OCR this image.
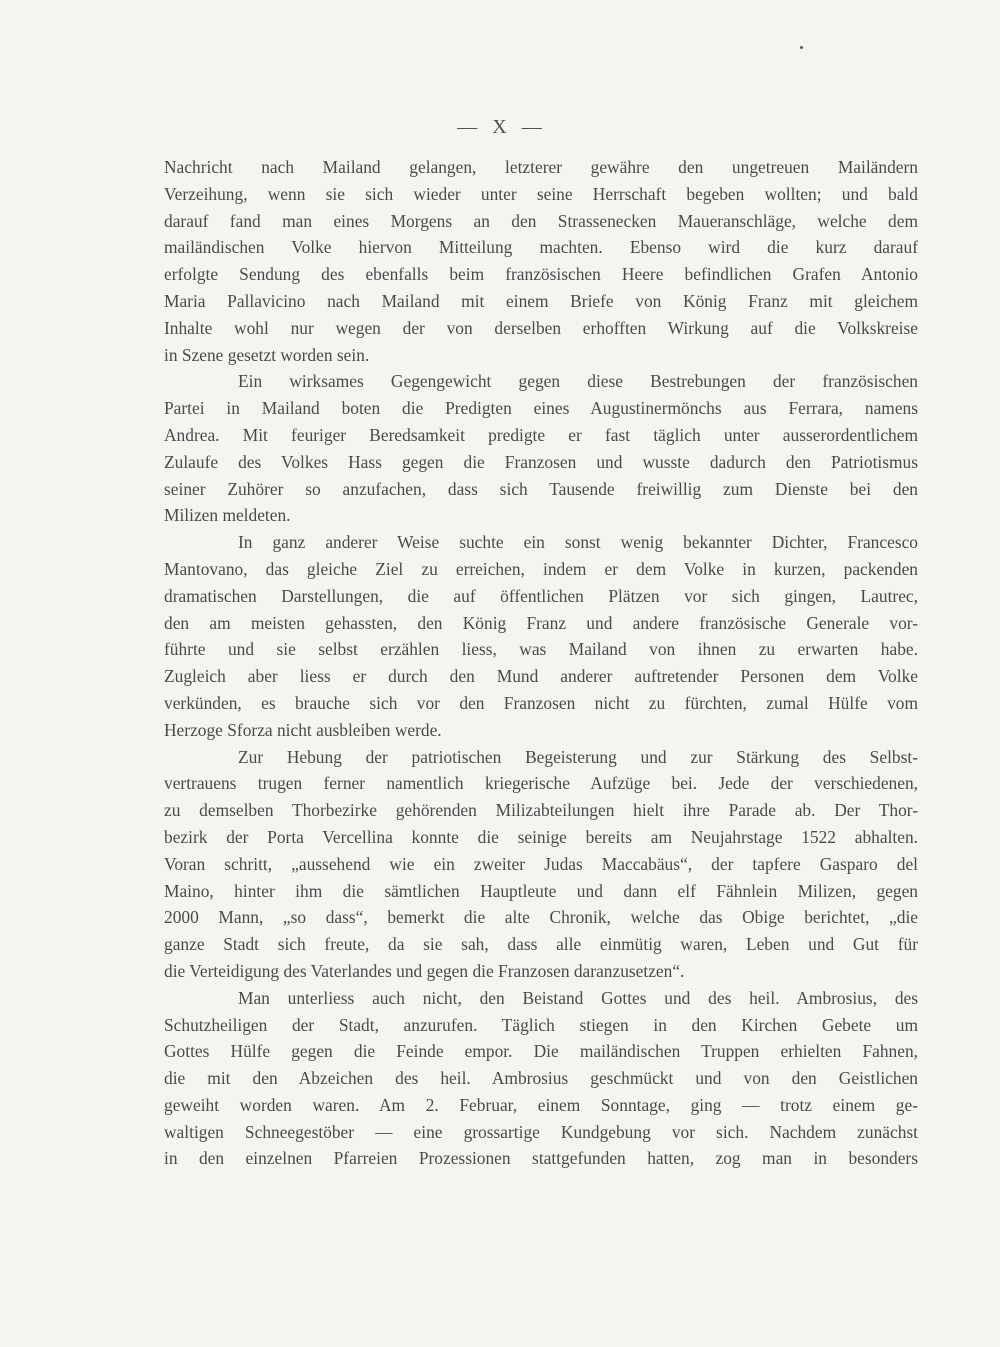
— X —
Nachricht nach Mailand gelangen, letzterer gewähre den ungetreuen Mailändern
Verzeihung, wenn sie sich wieder unter seine Herrschaft begeben wollten; und bald
darauf fand man eines Morgens an den Strassenecken Maueranschläge, welche dem
mailändischen Volke hiervon Mitteilung machten. Ebenso wird die kurz darauf
erfolgte Sendung des ebenfalls beim französischen Heere befindlichen Grafen Antonio
Maria Pallavicino nach Mailand mit einem Briefe von König Franz mit gleichem
Inhalte wohl nur wegen der von derselben erhofften Wirkung auf die Volkskreise
in Szene gesetzt worden sein.
Ein wirksames Gegengewicht gegen diese Bestrebungen der französischen
Partei in Mailand boten die Predigten eines Augustinermönchs aus Ferrara, namens
Andrea. Mit feuriger Beredsamkeit predigte er fast täglich unter ausserordentlichem
Zulaufe des Volkes Hass gegen die Franzosen und wusste dadurch den Patriotismus
seiner Zuhörer so anzufachen, dass sich Tausende freiwillig zum Dienste bei den
Milizen meldeten.
In ganz anderer Weise suchte ein sonst wenig bekannter Dichter, Francesco
Mantovano, das gleiche Ziel zu erreichen, indem er dem Volke in kurzen, packenden
dramatischen Darstellungen, die auf öffentlichen Plätzen vor sich gingen, Lautrec,
den am meisten gehassten, den König Franz und andere französische Generale vor-
führte und sie selbst erzählen liess, was Mailand von ihnen zu erwarten habe.
Zugleich aber liess er durch den Mund anderer auftretender Personen dem Volke
verkünden, es brauche sich vor den Franzosen nicht zu fürchten, zumal Hülfe vom
Herzoge Sforza nicht ausbleiben werde.
Zur Hebung der patriotischen Begeisterung und zur Stärkung des Selbst-
vertrauens trugen ferner namentlich kriegerische Aufzüge bei. Jede der verschiedenen,
zu demselben Thorbezirke gehörenden Milizabteilungen hielt ihre Parade ab. Der Thor-
bezirk der Porta Vercellina konnte die seinige bereits am Neujahrstage 1522 abhalten.
Voran schritt, „aussehend wie ein zweiter Judas Maccabäus“, der tapfere Gasparo del
Maino, hinter ihm die sämtlichen Hauptleute und dann elf Fähnlein Milizen, gegen
2000 Mann, „so dass“, bemerkt die alte Chronik, welche das Obige berichtet, „die
ganze Stadt sich freute, da sie sah, dass alle einmütig waren, Leben und Gut für
die Verteidigung des Vaterlandes und gegen die Franzosen daranzusetzen“.
Man unterliess auch nicht, den Beistand Gottes und des heil. Ambrosius, des
Schutzheiligen der Stadt, anzurufen. Täglich stiegen in den Kirchen Gebete um
Gottes Hülfe gegen die Feinde empor. Die mailändischen Truppen erhielten Fahnen,
die mit den Abzeichen des heil. Ambrosius geschmückt und von den Geistlichen
geweiht worden waren. Am 2. Februar, einem Sonntage, ging — trotz einem ge-
waltigen Schneegestöber — eine grossartige Kundgebung vor sich. Nachdem zunächst
in den einzelnen Pfarreien Prozessionen stattgefunden hatten, zog man in besonders
